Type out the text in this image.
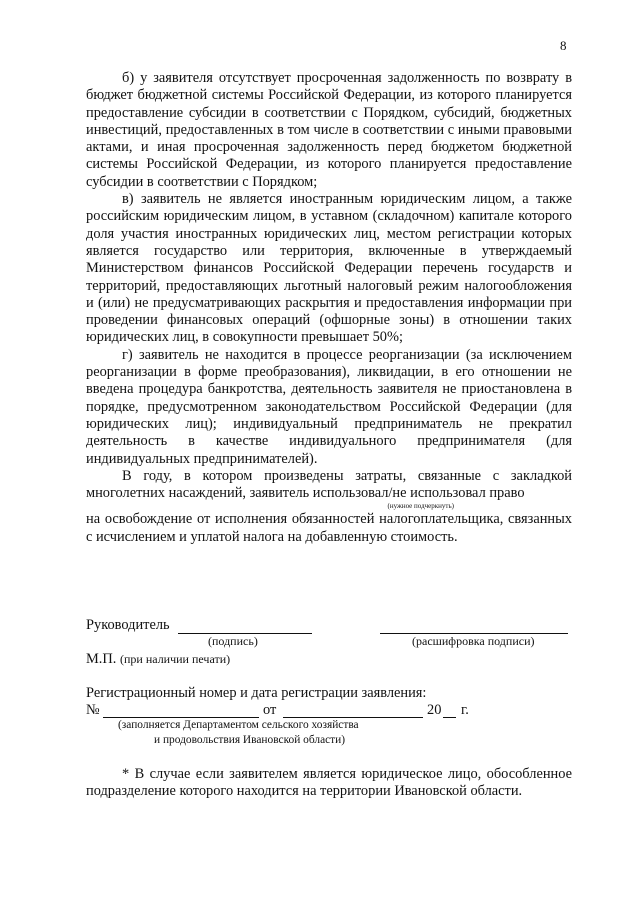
8

б) у заявителя отсутствует просроченная задолженность по возврату в бюджет бюджетной системы Российской Федерации, из которого планируется предоставление субсидии в соответствии с Порядком, субсидий, бюджетных инвестиций, предоставленных в том числе в соответствии с иными правовыми актами, и иная просроченная задолженность перед бюджетом бюджетной системы Российской Федерации, из которого планируется предоставление субсидии в соответствии с Порядком;

в) заявитель не является иностранным юридическим лицом, а также российским юридическим лицом, в уставном (складочном) капитале которого доля участия иностранных юридических лиц, местом регистрации которых является государство или территория, включенные в утверждаемый Министерством финансов Российской Федерации перечень государств и территорий, предоставляющих льготный налоговый режим налогообложения и (или) не предусматривающих раскрытия и предоставления информации при проведении финансовых операций (офшорные зоны) в отношении таких юридических лиц, в совокупности превышает 50%;

г) заявитель не находится в процессе реорганизации (за исключением реорганизации в форме преобразования), ликвидации, в его отношении не введена процедура банкротства, деятельность заявителя не приостановлена в порядке, предусмотренном законодательством Российской Федерации (для юридических лиц); индивидуальный предприниматель не прекратил деятельность в качестве индивидуального предпринимателя (для индивидуальных предпринимателей).

В году, в котором произведены затраты, связанные с закладкой многолетних насаждений, заявитель использовал/не использовал право
(нужное подчеркнуть)
на освобождение от исполнения обязанностей налогоплательщика, связанных с исчислением и уплатой налога на добавленную стоимость.

Руководитель
(подпись)	(расшифровка подписи)
М.П. (при наличии печати)
Регистрационный номер и дата регистрации заявления:
№	от	20 г.
(заполняется Департаментом сельского хозяйства
и продовольствия Ивановской области)

* В случае если заявителем является юридическое лицо, обособленное подразделение которого находится на территории Ивановской области.
